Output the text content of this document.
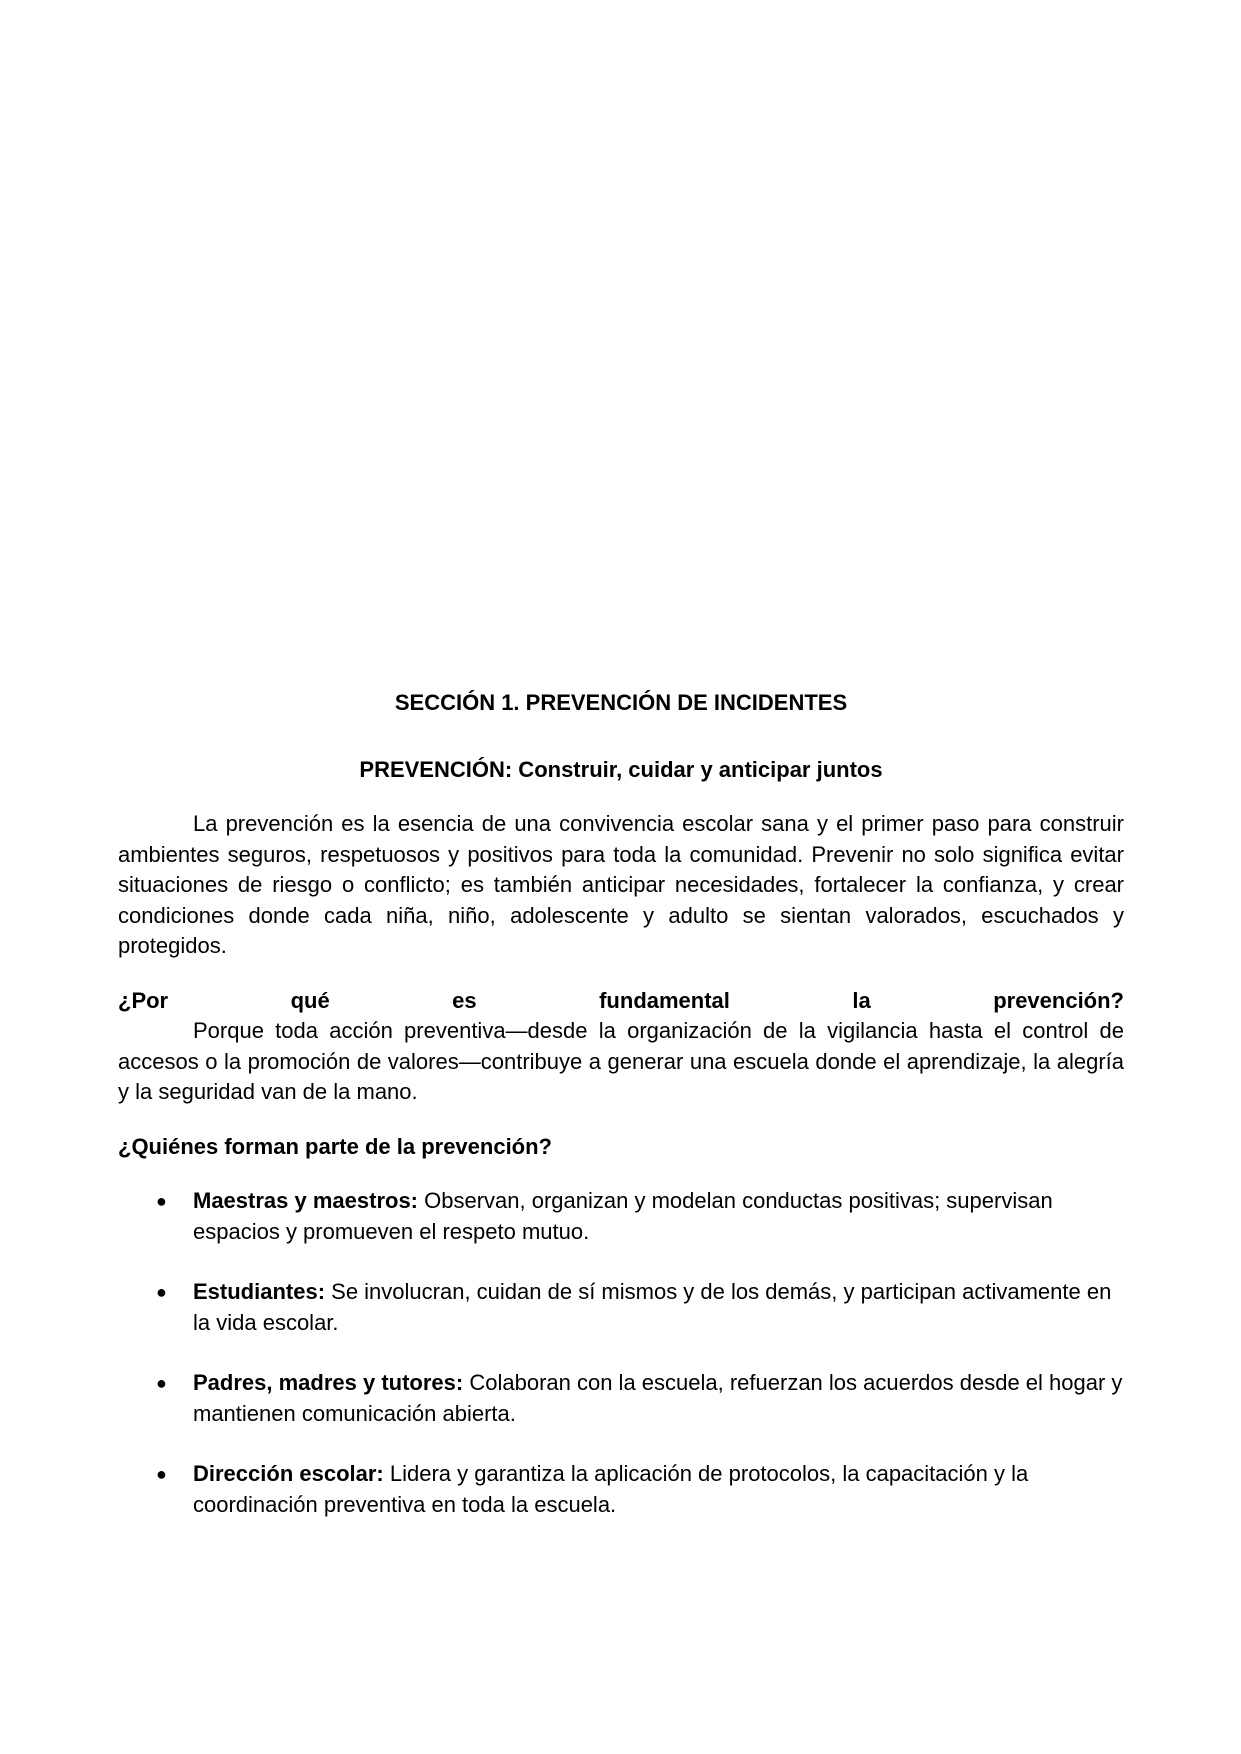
SECCIÓN 1. PREVENCIÓN DE INCIDENTES
PREVENCIÓN: Construir, cuidar y anticipar juntos

La prevención es la esencia de una convivencia escolar sana y el primer paso para construir ambientes seguros, respetuosos y positivos para toda la comunidad. Prevenir no solo significa evitar situaciones de riesgo o conflicto; es también anticipar necesidades, fortalecer la confianza, y crear condiciones donde cada niña, niño, adolescente y adulto se sientan valorados, escuchados y protegidos.

¿Por qué es fundamental la prevención?

Porque toda acción preventiva—desde la organización de la vigilancia hasta el control de accesos o la promoción de valores—contribuye a generar una escuela donde el aprendizaje, la alegría y la seguridad van de la mano.

¿Quiénes forman parte de la prevención?

● Maestras y maestros: Observan, organizan y modelan conductas positivas; supervisan espacios y promueven el respeto mutuo.
● Estudiantes: Se involucran, cuidan de sí mismos y de los demás, y participan activamente en la vida escolar.
● Padres, madres y tutores: Colaboran con la escuela, refuerzan los acuerdos desde el hogar y mantienen comunicación abierta.
● Dirección escolar: Lidera y garantiza la aplicación de protocolos, la capacitación y la coordinación preventiva en toda la escuela.
